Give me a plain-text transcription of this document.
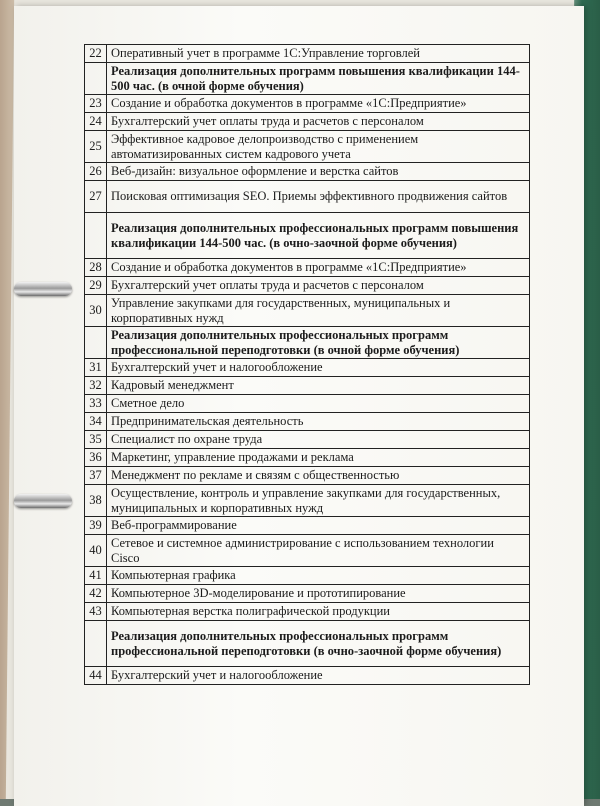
22	Оперативный учет в программе 1С:Управление торговлей
	Реализация дополнительных программ повышения квалификации 144-500 час. (в очной форме обучения)
23	Создание и обработка документов в программе «1С:Предприятие»
24	Бухгалтерский учет оплаты труда и расчетов с персоналом
25	Эффективное кадровое делопроизводство с применением автоматизированных систем кадрового учета
26	Веб-дизайн: визуальное оформление и верстка сайтов
27	Поисковая оптимизация SEO. Приемы эффективного продвижения сайтов
	Реализация дополнительных профессиональных программ повышения квалификации 144-500 час. (в очно-заочной форме обучения)
28	Создание и обработка документов в программе «1С:Предприятие»
29	Бухгалтерский учет оплаты труда и расчетов с персоналом
30	Управление закупками для государственных, муниципальных и корпоративных нужд
	Реализация дополнительных профессиональных программ профессиональной переподготовки (в очной форме обучения)
31	Бухгалтерский учет и налогообложение
32	Кадровый менеджмент
33	Сметное дело
34	Предпринимательская деятельность
35	Специалист по охране труда
36	Маркетинг, управление продажами и реклама
37	Менеджмент по рекламе и связям с общественностью
38	Осуществление, контроль и управление закупками для государственных, муниципальных и корпоративных нужд
39	Веб-программирование
40	Сетевое и системное администрирование с использованием технологии Cisco
41	Компьютерная графика
42	Компьютерное 3D-моделирование и прототипирование
43	Компьютерная верстка полиграфической продукции
	Реализация дополнительных профессиональных программ профессиональной переподготовки (в очно-заочной форме обучения)
44	Бухгалтерский учет и налогообложение
